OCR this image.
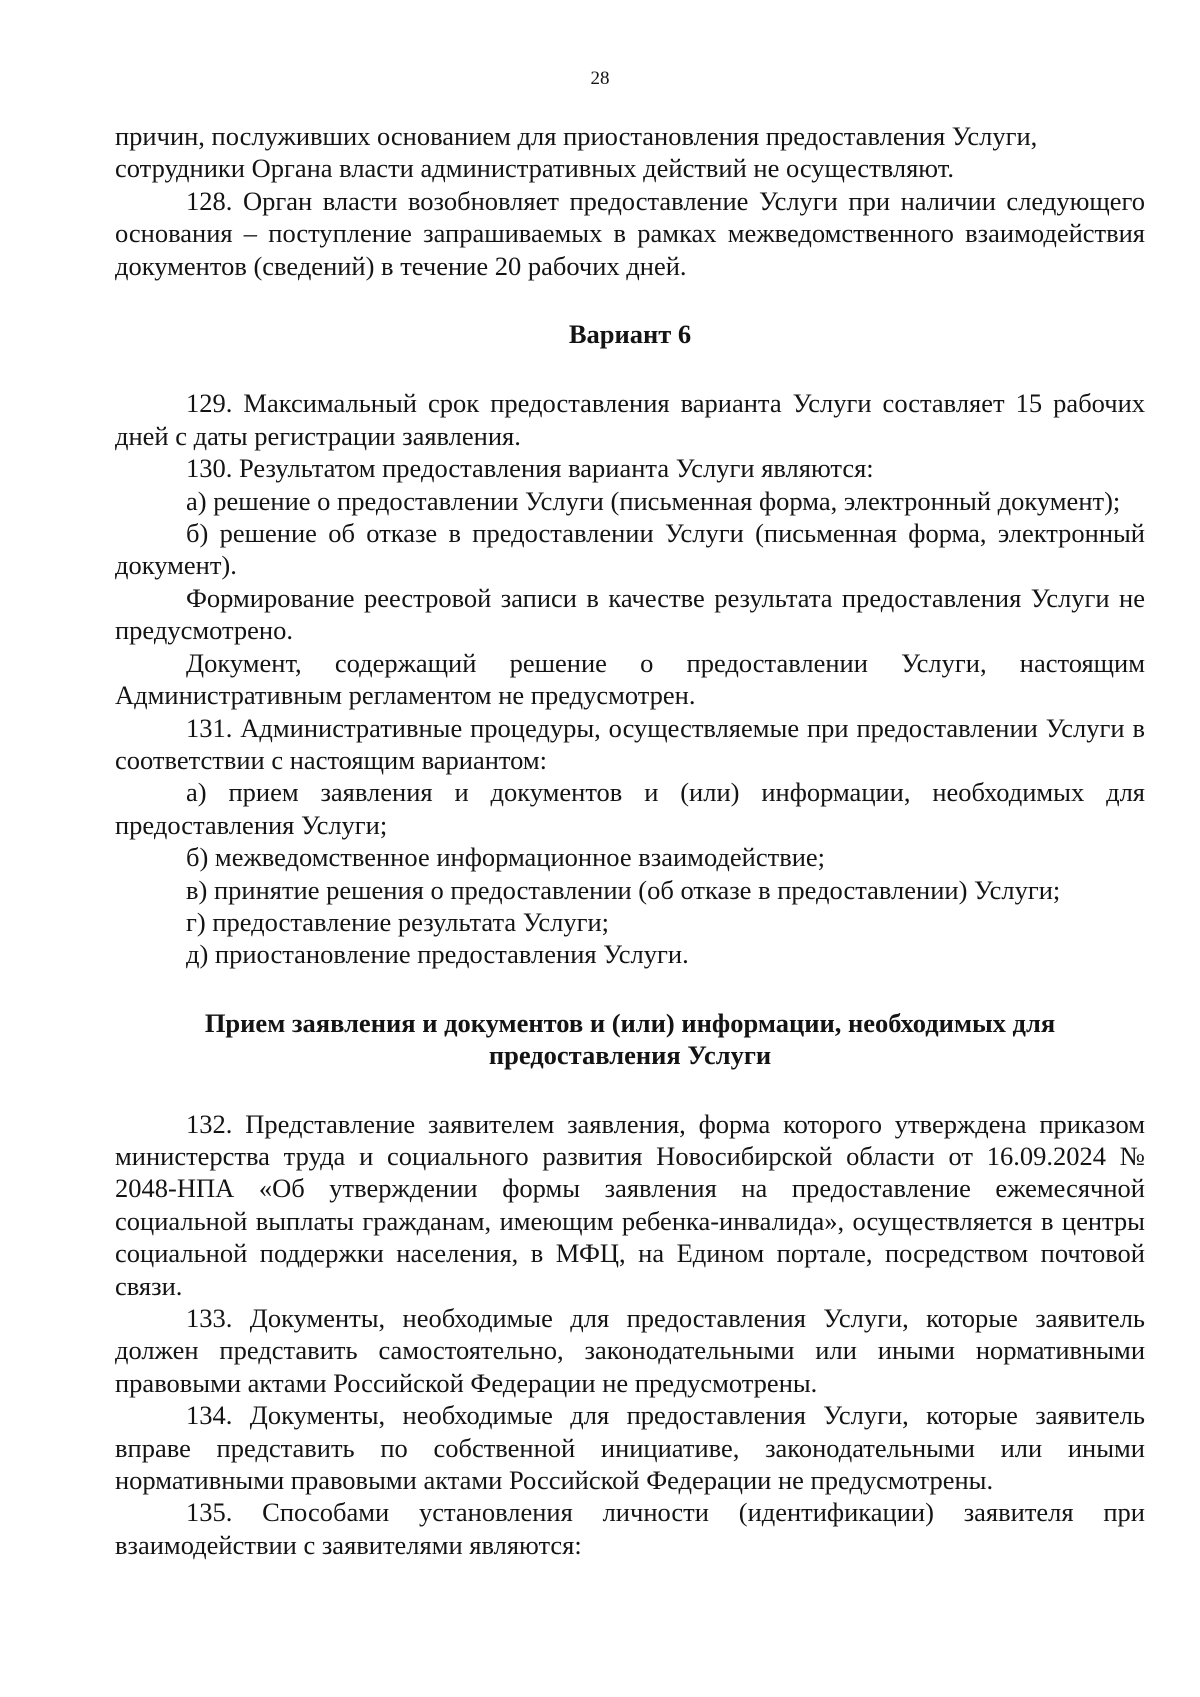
28

причин, послуживших основанием для приостановления предоставления Услуги, сотрудники Органа власти административных действий не осуществляют.

128. Орган власти возобновляет предоставление Услуги при наличии следующего основания – поступление запрашиваемых в рамках межведомственного взаимодействия документов (сведений) в течение 20 рабочих дней.

Вариант 6

129. Максимальный срок предоставления варианта Услуги составляет 15 рабочих дней с даты регистрации заявления.

130. Результатом предоставления варианта Услуги являются:

а) решение о предоставлении Услуги (письменная форма, электронный документ);

б) решение об отказе в предоставлении Услуги (письменная форма, электронный документ).

Формирование реестровой записи в качестве результата предоставления Услуги не предусмотрено.

Документ, содержащий решение о предоставлении Услуги, настоящим Административным регламентом не предусмотрен.

131. Административные процедуры, осуществляемые при предоставлении Услуги в соответствии с настоящим вариантом:

а) прием заявления и документов и (или) информации, необходимых для предоставления Услуги;

б) межведомственное информационное взаимодействие;

в) принятие решения о предоставлении (об отказе в предоставлении) Услуги;

г) предоставление результата Услуги;

д) приостановление предоставления Услуги.

Прием заявления и документов и (или) информации, необходимых для предоставления Услуги

132. Представление заявителем заявления, форма которого утверждена приказом министерства труда и социального развития Новосибирской области от 16.09.2024 № 2048-НПА «Об утверждении формы заявления на предоставление ежемесячной социальной выплаты гражданам, имеющим ребенка-инвалида», осуществляется в центры социальной поддержки населения, в МФЦ, на Едином портале, посредством почтовой связи.

133. Документы, необходимые для предоставления Услуги, которые заявитель должен представить самостоятельно, законодательными или иными нормативными правовыми актами Российской Федерации не предусмотрены.

134. Документы, необходимые для предоставления Услуги, которые заявитель вправе представить по собственной инициативе, законодательными или иными нормативными правовыми актами Российской Федерации не предусмотрены.

135. Способами установления личности (идентификации) заявителя при взаимодействии с заявителями являются:
